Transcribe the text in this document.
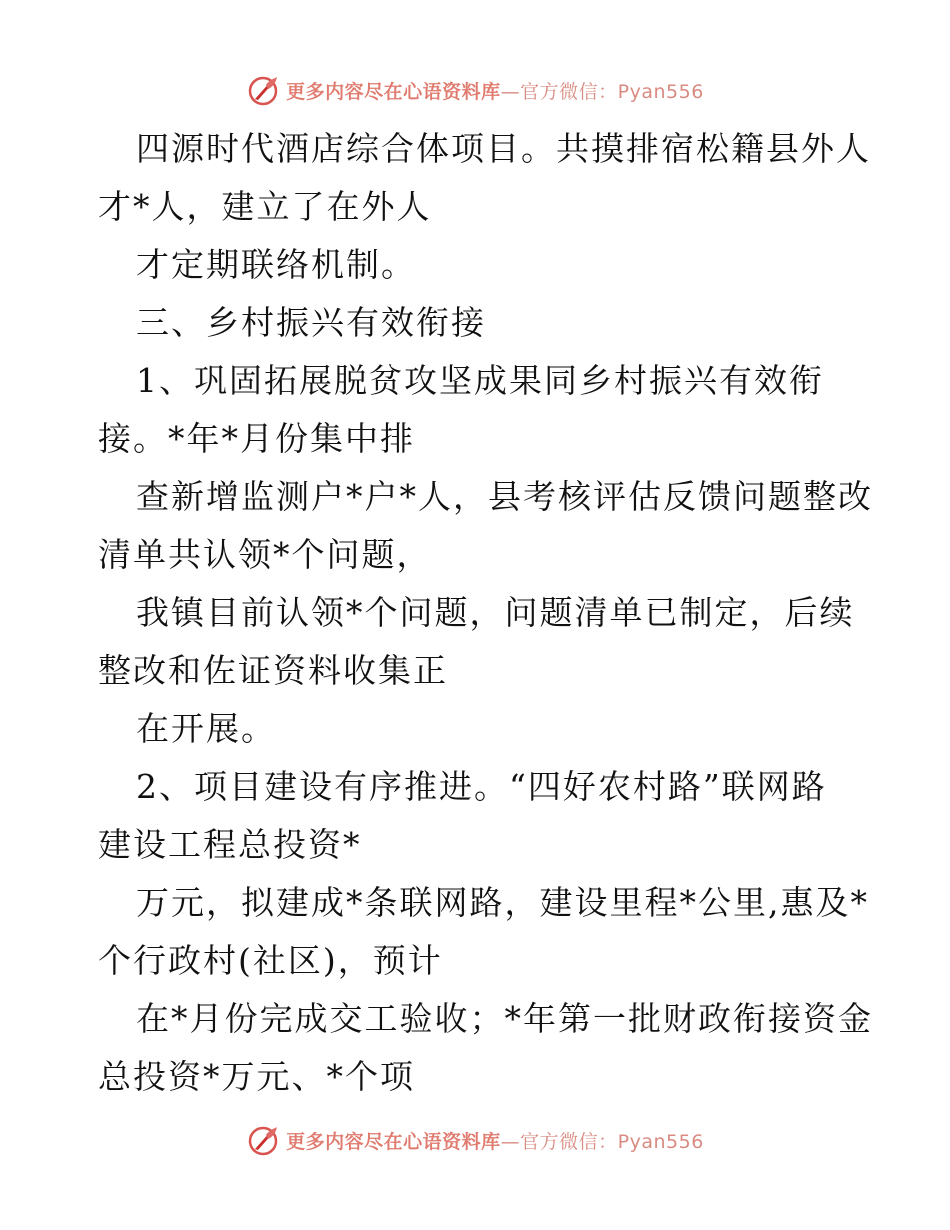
更多内容尽在心语资料库—官方微信：Pyan556
四源时代酒店综合体项目。共摸排宿松籍县外人
才*人，建立了在外人
才定期联络机制。
三、乡村振兴有效衔接
1、巩固拓展脱贫攻坚成果同乡村振兴有效衔
接。*年*月份集中排
查新增监测户*户*人，县考核评估反馈问题整改
清单共认领*个问题，
我镇目前认领*个问题，问题清单已制定，后续
整改和佐证资料收集正
在开展。
2、项目建设有序推进。“四好农村路”联网路
建设工程总投资*
万元，拟建成*条联网路，建设里程*公里,惠及*
个行政村(社区)，预计
在*月份完成交工验收；*年第一批财政衔接资金
总投资*万元、*个项
更多内容尽在心语资料库—官方微信：Pyan556
